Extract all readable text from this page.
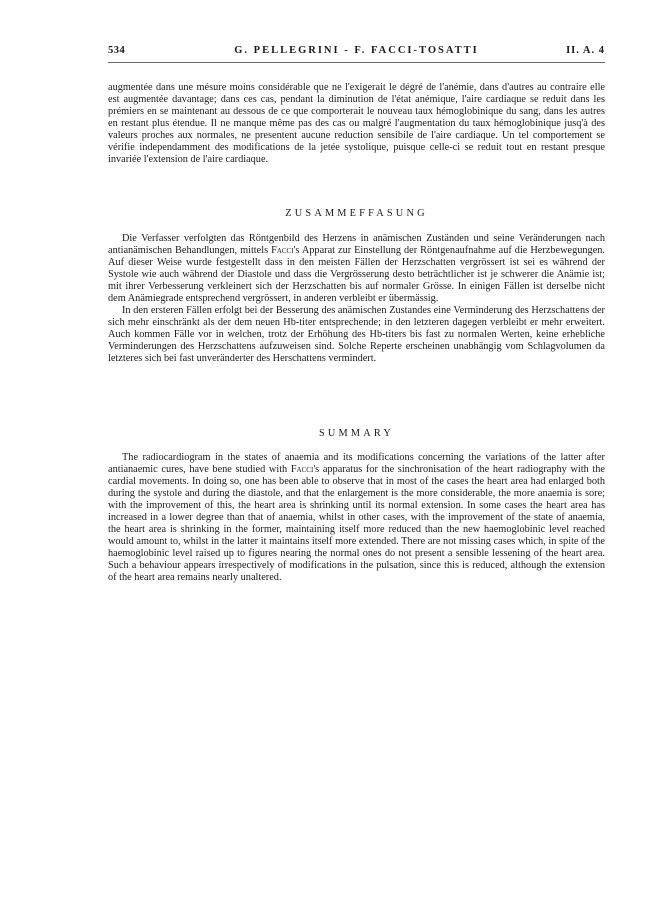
534	G. PELLEGRINI - F. FACCI-TOSATTI	II. A. 4

augmentée dans une mésure moins considérable que ne l'exigerait le dégré de l'anémie, dans d'autres au contraire elle est augmentée davantage; dans ces cas, pendant la diminution de l'état anémique, l'aire cardiaque se reduit dans les prémiers en se maintenant au dessous de ce que comporterait le nouveau taux hémoglobinique du sang, dans les autres en restant plus étendue. Il ne manque même pas des cas ou malgré l'augmentation du taux hémoglobinique jusq'à des valeurs proches aux normales, ne presentent aucune reduction sensibile de l'aire cardiaque. Un tel comportement se vérifie independamment des modifications de la jetée systolique, puisque celle-ci se reduit tout en restant presque invariée l'extension de l'aire cardiaque.

ZUSAMMEFFASUNG

Die Verfasser verfolgten das Röntgenbild des Herzens in anämischen Zuständen und seine Veränderungen nach antianämischen Behandlungen, mittels Facci's Apparat zur Einstellung der Röntgenaufnahme auf die Herzbewegungen. Auf dieser Weise wurde festgestellt dass in den meisten Fällen der Herzschatten vergrössert ist sei es während der Systole wie auch während der Diastole und dass die Vergrösserung desto beträchtlicher ist je schwerer die Anämie ist; mit ihrer Verbesserung verkleinert sich der Herzschatten bis auf normaler Grösse. In einigen Fällen ist derselbe nicht dem Anämiegrade entsprechend vergrössert, in anderen verbleibt er übermässig.

In den ersteren Fällen erfolgt bei der Besserung des anämischen Zustandes eine Verminderung des Herzschattens der sich mehr einschränkt als der dem neuen Hb-titer entsprechende; in den letzteren dagegen verbleibt er mehr erweitert. Auch kommen Fälle vor in welchen, trotz der Erhöhung des Hb-titers bis fast zu normalen Werten, keine erhebliche Verminderungen des Herzschattens aufzuweisen sind. Solche Reperte erscheinen unabhängig vom Schlagvolumen da letzteres sich bei fast unveränderter des Herschattens vermindert.

SUMMARY

The radiocardiogram in the states of anaemia and its modifications concerning the variations of the latter after antianaemic cures, have bene studied with Facci's apparatus for the sinchronisation of the heart radiography with the cardial movements. In doing so, one has been able to observe that in most of the cases the heart area had enlarged both during the systole and during the diastole, and that the enlargement is the more considerable, the more anaemia is sore; with the improvement of this, the heart area is shrinking until its normal extension. In some cases the heart area has increased in a lower degree than that of anaemia, whilst in other cases, with the improvement of the state of anaemia, the heart area is shrinking in the former, maintaining itself more reduced than the new haemoglobinic level reached would amount to, whilst in the latter it maintains itself more extended. There are not missing cases which, in spite of the haemoglobinic level raised up to figures nearing the normal ones do not present a sensible lessening of the heart area. Such a behaviour appears irrespectively of modifications in the pulsation, since this is reduced, although the extension of the heart area remains nearly unaltered.
